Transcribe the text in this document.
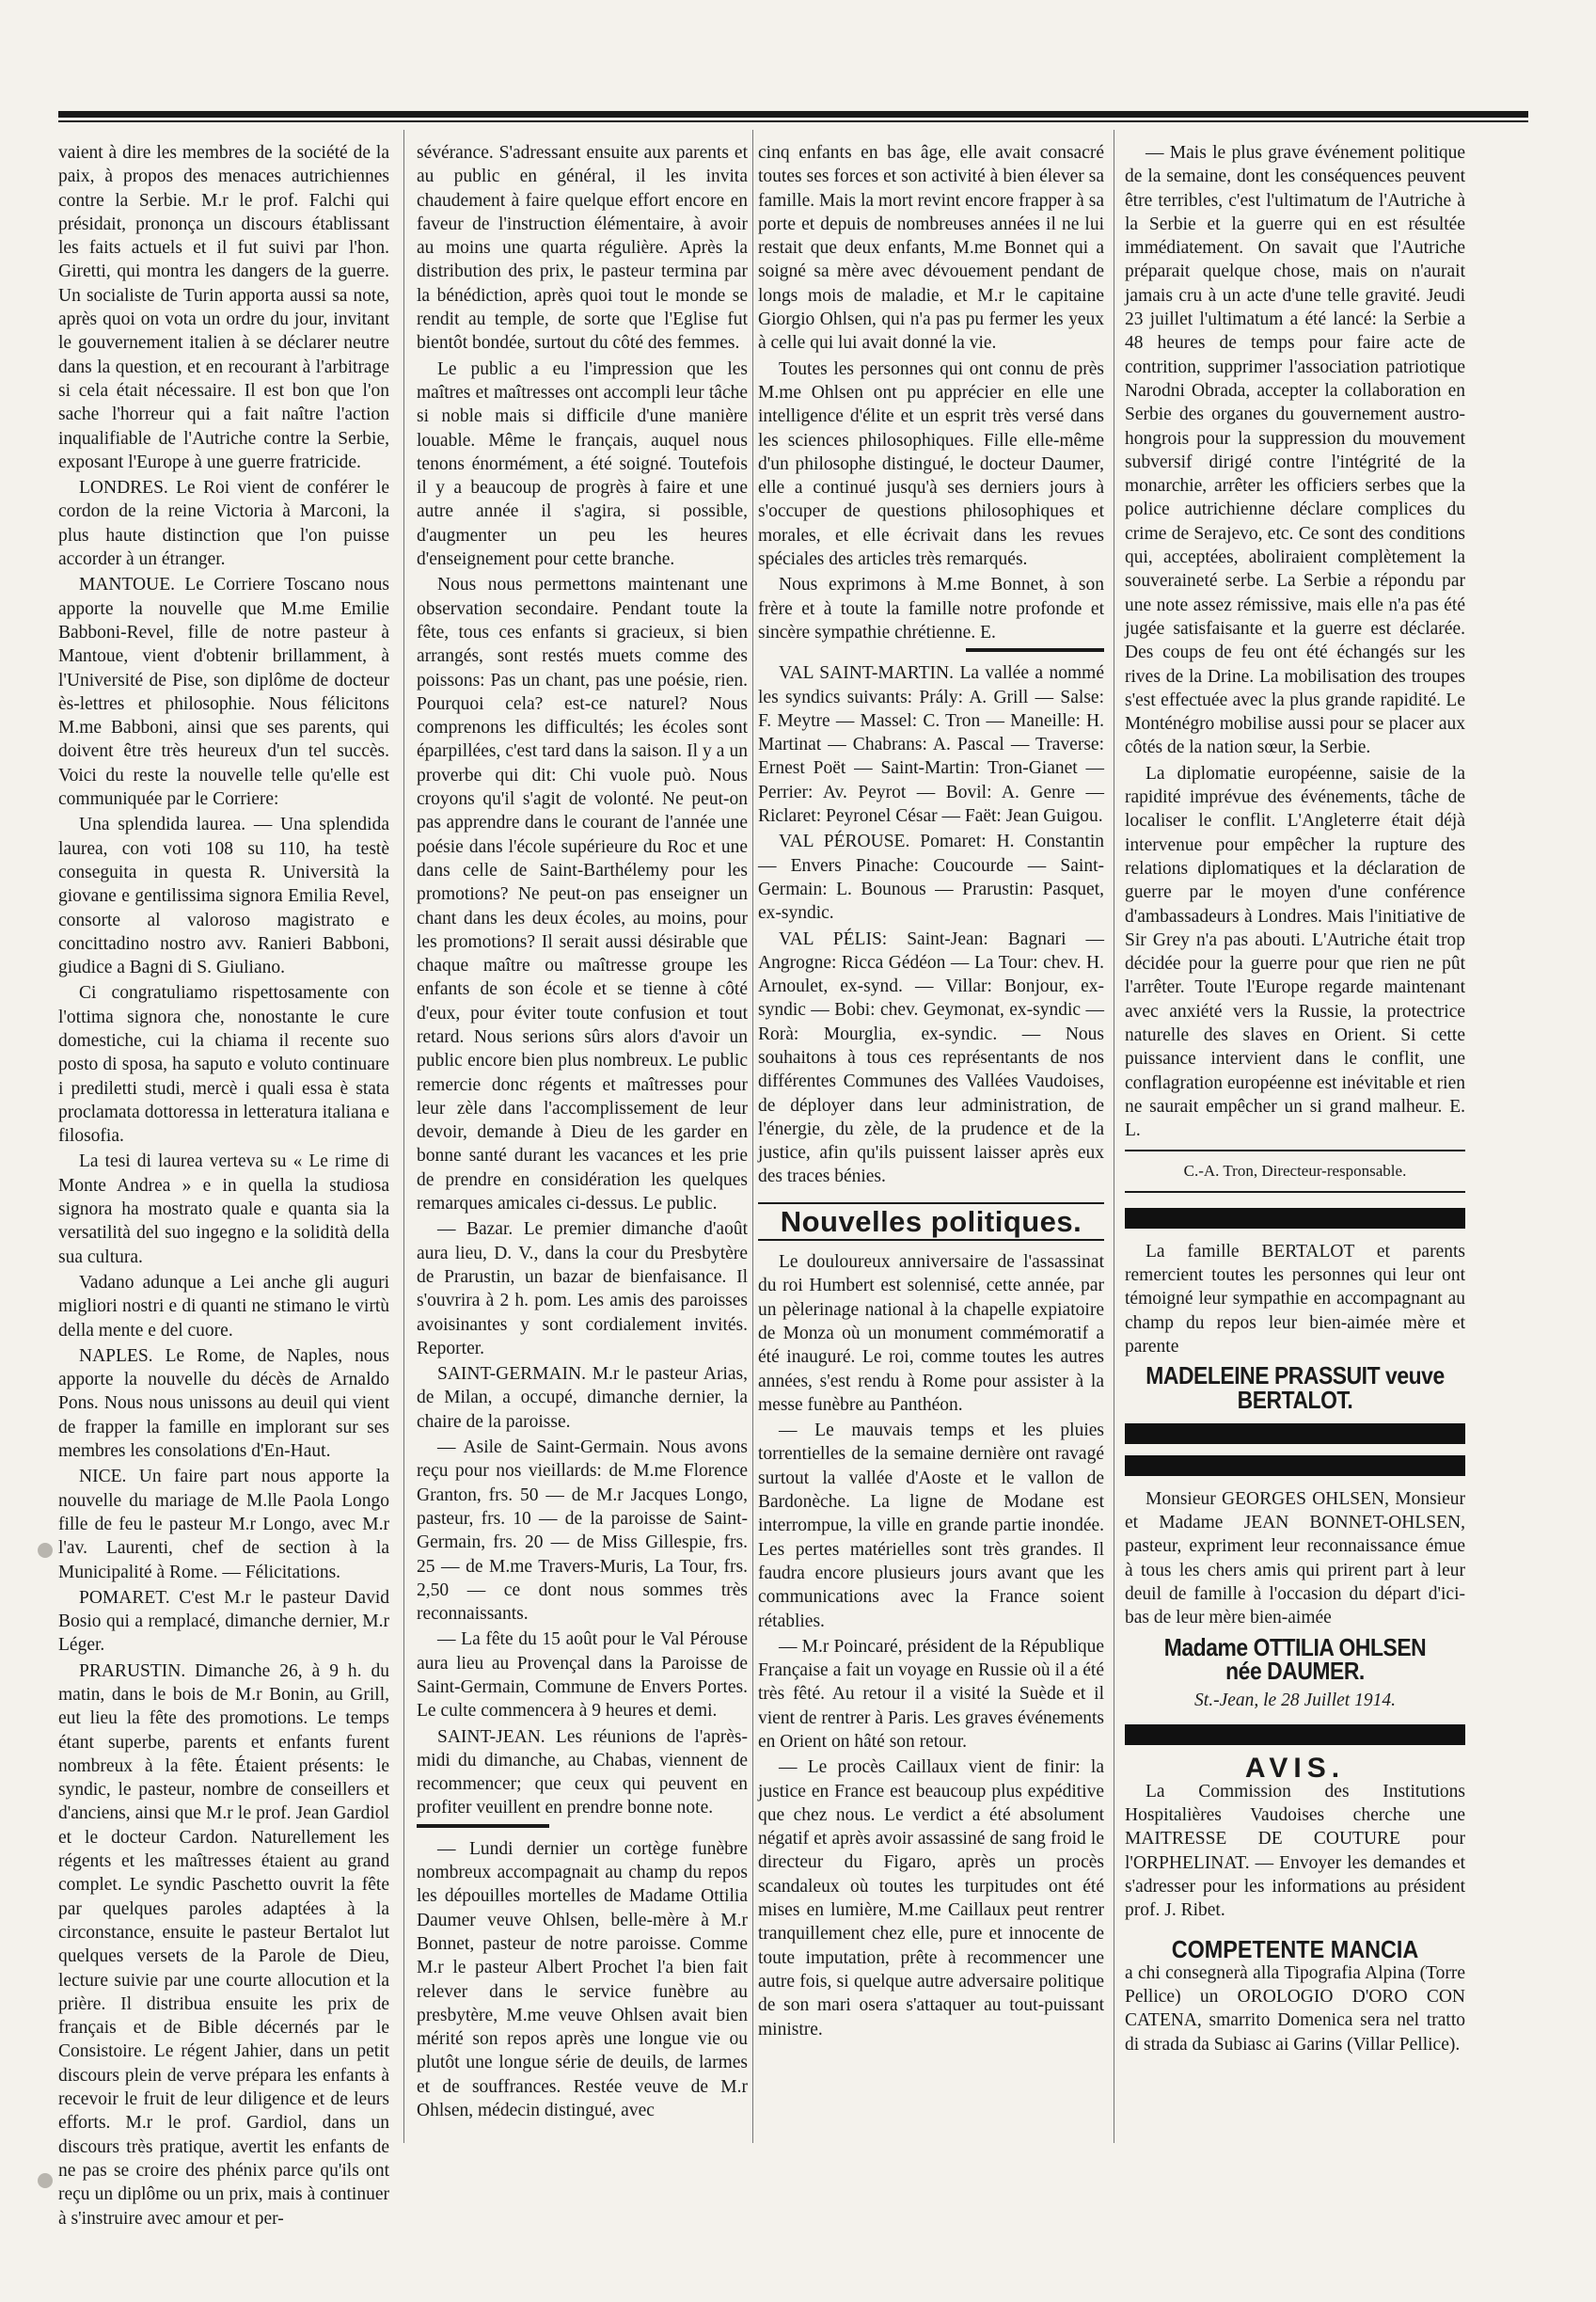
vaient à dire les membres de la société de la paix, à propos des menaces autrichiennes contre la Serbie. M.r le prof. Falchi qui présidait, prononça un discours établissant les faits actuels et il fut suivi par l'hon. Giretti, qui montra les dangers de la guerre. Un socialiste de Turin apporta aussi sa note, après quoi on vota un ordre du jour, invitant le gouvernement italien à se déclarer neutre dans la question, et en recourant à l'arbitrage si cela était nécessaire. Il est bon que l'on sache l'horreur qui a fait naître l'action inqualifiable de l'Autriche contre la Serbie, exposant l'Europe à une guerre fratricide.

LONDRES. Le Roi vient de conférer le cordon de la reine Victoria à Marconi, la plus haute distinction que l'on puisse accorder à un étranger.

MANTOUE. Le Corriere Toscano nous apporte la nouvelle que M.me Emilie Babboni-Revel, fille de notre pasteur à Mantoue, vient d'obtenir brillamment, à l'Université de Pise, son diplôme de docteur ès-lettres et philosophie. Nous félicitons M.me Babboni, ainsi que ses parents, qui doivent être très heureux d'un tel succès. Voici du reste la nouvelle telle qu'elle est communiquée par le Corriere:

Una splendida laurea. — Una splendida laurea, con voti 108 su 110, ha testè conseguita in questa R. Università la giovane e gentilissima signora Emilia Revel, consorte al valoroso magistrato e concittadino nostro avv. Ranieri Babboni, giudice a Bagni di S. Giuliano.

Ci congratuliamo rispettosamente con l'ottima signora che, nonostante le cure domestiche, cui la chiama il recente suo posto di sposa, ha saputo e voluto continuare i prediletti studi, mercè i quali essa è stata proclamata dottoressa in letteratura italiana e filosofia.

La tesi di laurea verteva su « Le rime di Monte Andrea » e in quella la studiosa signora ha mostrato quale e quanta sia la versatilità del suo ingegno e la solidità della sua cultura.

Vadano adunque a Lei anche gli auguri migliori nostri e di quanti ne stimano le virtù della mente e del cuore.

NAPLES. Le Rome, de Naples, nous apporte la nouvelle du décès de Arnaldo Pons. Nous nous unissons au deuil qui vient de frapper la famille en implorant sur ses membres les consolations d'En-Haut.

NICE. Un faire part nous apporte la nouvelle du mariage de M.lle Paola Longo fille de feu le pasteur M.r Longo, avec M.r l'av. Laurenti, chef de section à la Municipalité à Rome. — Félicitations.

POMARET. C'est M.r le pasteur David Bosio qui a remplacé, dimanche dernier, M.r Léger.

PRARUSTIN. Dimanche 26, à 9 h. du matin, dans le bois de M.r Bonin, au Grill, eut lieu la fête des promotions. Le temps étant superbe, parents et enfants furent nombreux à la fête. Étaient présents: le syndic, le pasteur, nombre de conseillers et d'anciens, ainsi que M.r le prof. Jean Gardiol et le docteur Cardon. Naturellement les régents et les maîtresses étaient au grand complet. Le syndic Paschetto ouvrit la fête par quelques paroles adaptées à la circonstance, ensuite le pasteur Bertalot lut quelques versets de la Parole de Dieu, lecture suivie par une courte allocution et la prière. Il distribua ensuite les prix de français et de Bible décernés par le Consistoire. Le régent Jahier, dans un petit discours plein de verve prépara les enfants à recevoir le fruit de leur diligence et de leurs efforts. M.r le prof. Gardiol, dans un discours très pratique, avertit les enfants de ne pas se croire des phénix parce qu'ils ont reçu un diplôme ou un prix, mais à continuer à s'instruire avec amour et per-

sévérance. S'adressant ensuite aux parents et au public en général, il les invita chaudement à faire quelque effort encore en faveur de l'instruction élémentaire, à avoir au moins une quarta régulière. Après la distribution des prix, le pasteur termina par la bénédiction, après quoi tout le monde se rendit au temple, de sorte que l'Eglise fut bientôt bondée, surtout du côté des femmes.

Le public a eu l'impression que les maîtres et maîtresses ont accompli leur tâche si noble mais si difficile d'une manière louable. Même le français, auquel nous tenons énormément, a été soigné. Toutefois il y a beaucoup de progrès à faire et une autre année il s'agira, si possible, d'augmenter un peu les heures d'enseignement pour cette branche.

Nous nous permettons maintenant une observation secondaire. Pendant toute la fête, tous ces enfants si gracieux, si bien arrangés, sont restés muets comme des poissons: Pas un chant, pas une poésie, rien. Pourquoi cela? est-ce naturel? Nous comprenons les difficultés; les écoles sont éparpillées, c'est tard dans la saison. Il y a un proverbe qui dit: Chi vuole può. Nous croyons qu'il s'agit de volonté. Ne peut-on pas apprendre dans le courant de l'année une poésie dans l'école supérieure du Roc et une dans celle de Saint-Barthélemy pour les promotions? Ne peut-on pas enseigner un chant dans les deux écoles, au moins, pour les promotions? Il serait aussi désirable que chaque maître ou maîtresse groupe les enfants de son école et se tienne à côté d'eux, pour éviter toute confusion et tout retard. Nous serions sûrs alors d'avoir un public encore bien plus nombreux. Le public remercie donc régents et maîtresses pour leur zèle dans l'accomplissement de leur devoir, demande à Dieu de les garder en bonne santé durant les vacances et les prie de prendre en considération les quelques remarques amicales ci-dessus. Le public.

— Bazar. Le premier dimanche d'août aura lieu, D. V., dans la cour du Presbytère de Prarustin, un bazar de bienfaisance. Il s'ouvrira à 2 h. pom. Les amis des paroisses avoisinantes y sont cordialement invités. Reporter.

SAINT-GERMAIN. M.r le pasteur Arias, de Milan, a occupé, dimanche dernier, la chaire de la paroisse.

— Asile de Saint-Germain. Nous avons reçu pour nos vieillards: de M.me Florence Granton, frs. 50 — de M.r Jacques Longo, pasteur, frs. 10 — de la paroisse de Saint-Germain, frs. 20 — de Miss Gillespie, frs. 25 — de M.me Travers-Muris, La Tour, frs. 2,50 — ce dont nous sommes très reconnaissants.

— La fête du 15 août pour le Val Pérouse aura lieu au Provençal dans la Paroisse de Saint-Germain, Commune de Envers Portes. Le culte commencera à 9 heures et demi.

SAINT-JEAN. Les réunions de l'après-midi du dimanche, au Chabas, viennent de recommencer; que ceux qui peuvent en profiter veuillent en prendre bonne note.

— Lundi dernier un cortège funèbre nombreux accompagnait au champ du repos les dépouilles mortelles de Madame Ottilia Daumer veuve Ohlsen, belle-mère à M.r Bonnet, pasteur de notre paroisse. Comme M.r le pasteur Albert Prochet l'a bien fait relever dans le service funèbre au presbytère, M.me veuve Ohlsen avait bien mérité son repos après une longue vie ou plutôt une longue série de deuils, de larmes et de souffrances. Restée veuve de M.r Ohlsen, médecin distingué, avec

cinq enfants en bas âge, elle avait consacré toutes ses forces et son activité à bien élever sa famille. Mais la mort revint encore frapper à sa porte et depuis de nombreuses années il ne lui restait que deux enfants, M.me Bonnet qui a soigné sa mère avec dévouement pendant de longs mois de maladie, et M.r le capitaine Giorgio Ohlsen, qui n'a pas pu fermer les yeux à celle qui lui avait donné la vie.

Toutes les personnes qui ont connu de près M.me Ohlsen ont pu apprécier en elle une intelligence d'élite et un esprit très versé dans les sciences philosophiques. Fille elle-même d'un philosophe distingué, le docteur Daumer, elle a continué jusqu'à ses derniers jours à s'occuper de questions philosophiques et morales, et elle écrivait dans les revues spéciales des articles très remarqués.

Nous exprimons à M.me Bonnet, à son frère et à toute la famille notre profonde et sincère sympathie chrétienne. E.

VAL SAINT-MARTIN. La vallée a nommé les syndics suivants: Prály: A. Grill — Salse: F. Meytre — Massel: C. Tron — Maneille: H. Martinat — Chabrans: A. Pascal — Traverse: Ernest Poët — Saint-Martin: Tron-Gianet — Perrier: Av. Peyrot — Bovil: A. Genre — Riclaret: Peyronel César — Faët: Jean Guigou.

VAL PÉROUSE. Pomaret: H. Constantin — Envers Pinache: Coucourde — Saint-Germain: L. Bounous — Prarustin: Pasquet, ex-syndic.

VAL PÉLIS: Saint-Jean: Bagnari — Angrogne: Ricca Gédéon — La Tour: chev. H. Arnoulet, ex-synd. — Villar: Bonjour, ex-syndic — Bobi: chev. Geymonat, ex-syndic — Rorà: Mourglia, ex-syndic. — Nous souhaitons à tous ces représentants de nos différentes Communes des Vallées Vaudoises, de déployer dans leur administration, de l'énergie, du zèle, de la prudence et de la justice, afin qu'ils puissent laisser après eux des traces bénies.

Nouvelles politiques.

Le douloureux anniversaire de l'assassinat du roi Humbert est solennisé, cette année, par un pèlerinage national à la chapelle expiatoire de Monza où un monument commémoratif a été inauguré. Le roi, comme toutes les autres années, s'est rendu à Rome pour assister à la messe funèbre au Panthéon.

— Le mauvais temps et les pluies torrentielles de la semaine dernière ont ravagé surtout la vallée d'Aoste et le vallon de Bardonèche. La ligne de Modane est interrompue, la ville en grande partie inondée. Les pertes matérielles sont très grandes. Il faudra encore plusieurs jours avant que les communications avec la France soient rétablies.

— M.r Poincaré, président de la République Française a fait un voyage en Russie où il a été très fêté. Au retour il a visité la Suède et il vient de rentrer à Paris. Les graves événements en Orient on hâté son retour.

— Le procès Caillaux vient de finir: la justice en France est beaucoup plus expéditive que chez nous. Le verdict a été absolument négatif et après avoir assassiné de sang froid le directeur du Figaro, après un procès scandaleux où toutes les turpitudes ont été mises en lumière, M.me Caillaux peut rentrer tranquillement chez elle, pure et innocente de toute imputation, prête à recommencer une autre fois, si quelque autre adversaire politique de son mari osera s'attaquer au tout-puissant ministre.

— Mais le plus grave événement politique de la semaine, dont les conséquences peuvent être terribles, c'est l'ultimatum de l'Autriche à la Serbie et la guerre qui en est résultée immédiatement. On savait que l'Autriche préparait quelque chose, mais on n'aurait jamais cru à un acte d'une telle gravité. Jeudi 23 juillet l'ultimatum a été lancé: la Serbie a 48 heures de temps pour faire acte de contrition, supprimer l'association patriotique Narodni Obrada, accepter la collaboration en Serbie des organes du gouvernement austro-hongrois pour la suppression du mouvement subversif dirigé contre l'intégrité de la monarchie, arrêter les officiers serbes que la police autrichienne déclare complices du crime de Serajevo, etc. Ce sont des conditions qui, acceptées, aboliraient complètement la souveraineté serbe. La Serbie a répondu par une note assez rémissive, mais elle n'a pas été jugée satisfaisante et la guerre est déclarée. Des coups de feu ont été échangés sur les rives de la Drine. La mobilisation des troupes s'est effectuée avec la plus grande rapidité. Le Monténégro mobilise aussi pour se placer aux côtés de la nation sœur, la Serbie.

La diplomatie européenne, saisie de la rapidité imprévue des événements, tâche de localiser le conflit. L'Angleterre était déjà intervenue pour empêcher la rupture des relations diplomatiques et la déclaration de guerre par le moyen d'une conférence d'ambassadeurs à Londres. Mais l'initiative de Sir Grey n'a pas abouti. L'Autriche était trop décidée pour la guerre pour que rien ne pût l'arrêter. Toute l'Europe regarde maintenant avec anxiété vers la Russie, la protectrice naturelle des slaves en Orient. Si cette puissance intervient dans le conflit, une conflagration européenne est inévitable et rien ne saurait empêcher un si grand malheur. E. L.

C.-A. Tron, Directeur-responsable.

La famille BERTALOT et parents remercient toutes les personnes qui leur ont témoigné leur sympathie en accompagnant au champ du repos leur bien-aimée mère et parente

MADELEINE PRASSUIT veuve BERTALOT.

Monsieur GEORGES OHLSEN, Monsieur et Madame JEAN BONNET-OHLSEN, pasteur, expriment leur reconnaissance émue à tous les chers amis qui prirent part à leur deuil de famille à l'occasion du départ d'ici-bas de leur mère bien-aimée

Madame OTTILIA OHLSEN née DAUMER.
St.-Jean, le 28 Juillet 1914.
AVIS.

La Commission des Institutions Hospitalières Vaudoises cherche une MAITRESSE DE COUTURE pour l'ORPHELINAT. — Envoyer les demandes et s'adresser pour les informations au président prof. J. Ribet.

COMPETENTE MANCIA

a chi consegnerà alla Tipografia Alpina (Torre Pellice) un OROLOGIO D'ORO CON CATENA, smarrito Domenica sera nel tratto di strada da Subiasc ai Garins (Villar Pellice).
